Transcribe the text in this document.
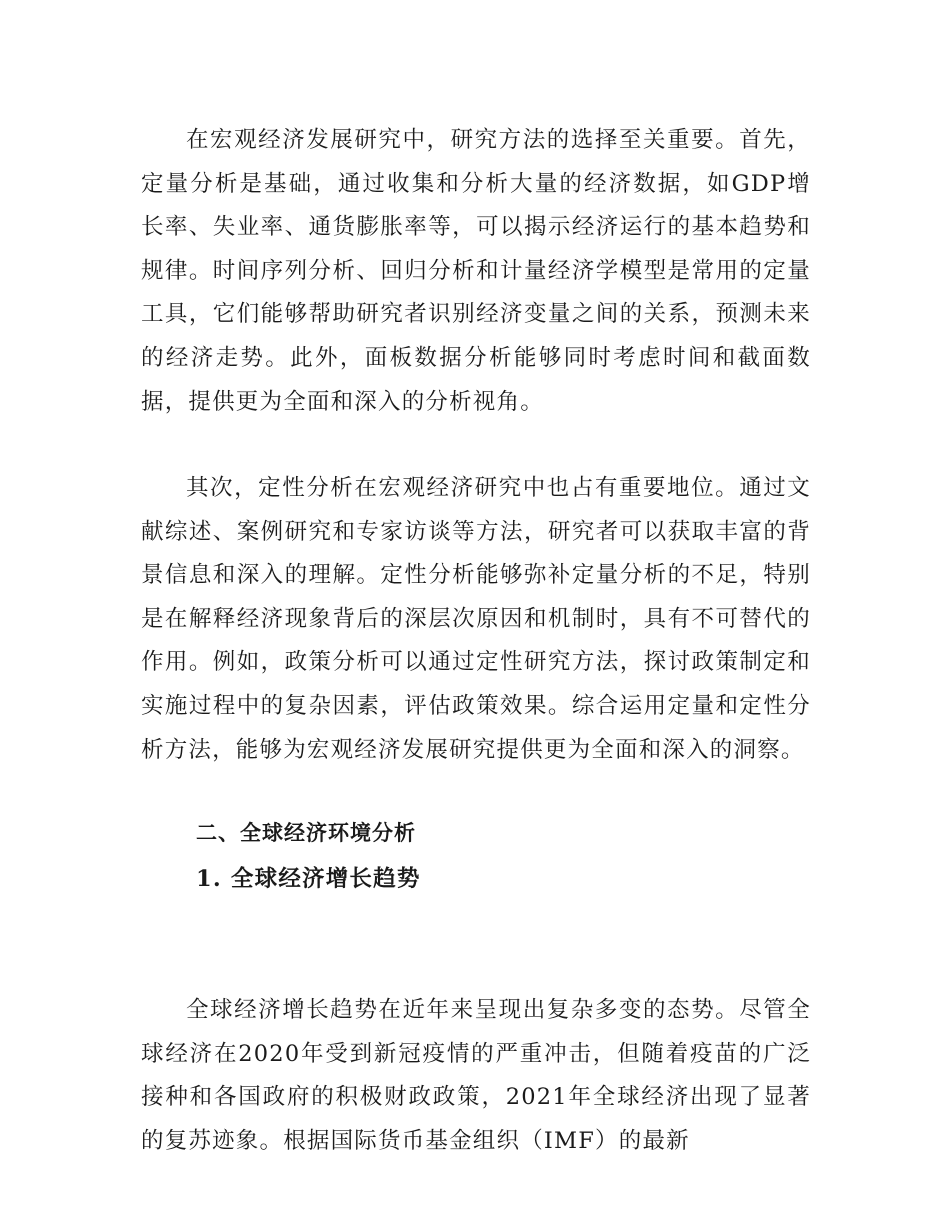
在宏观经济发展研究中，研究方法的选择至关重要。首先，定量分析是基础，通过收集和分析大量的经济数据，如GDP增长率、失业率、通货膨胀率等，可以揭示经济运行的基本趋势和规律。时间序列分析、回归分析和计量经济学模型是常用的定量工具，它们能够帮助研究者识别经济变量之间的关系，预测未来的经济走势。此外，面板数据分析能够同时考虑时间和截面数据，提供更为全面和深入的分析视角。

其次，定性分析在宏观经济研究中也占有重要地位。通过文献综述、案例研究和专家访谈等方法，研究者可以获取丰富的背景信息和深入的理解。定性分析能够弥补定量分析的不足，特别是在解释经济现象背后的深层次原因和机制时，具有不可替代的作用。例如，政策分析可以通过定性研究方法，探讨政策制定和实施过程中的复杂因素，评估政策效果。综合运用定量和定性分析方法，能够为宏观经济发展研究提供更为全面和深入的洞察。

二、全球经济环境分析
1. 全球经济增长趋势

全球经济增长趋势在近年来呈现出复杂多变的态势。尽管全球经济在2020年受到新冠疫情的严重冲击，但随着疫苗的广泛接种和各国政府的积极财政政策，2021年全球经济出现了显著的复苏迹象。根据国际货币基金组织（IMF）的最新
